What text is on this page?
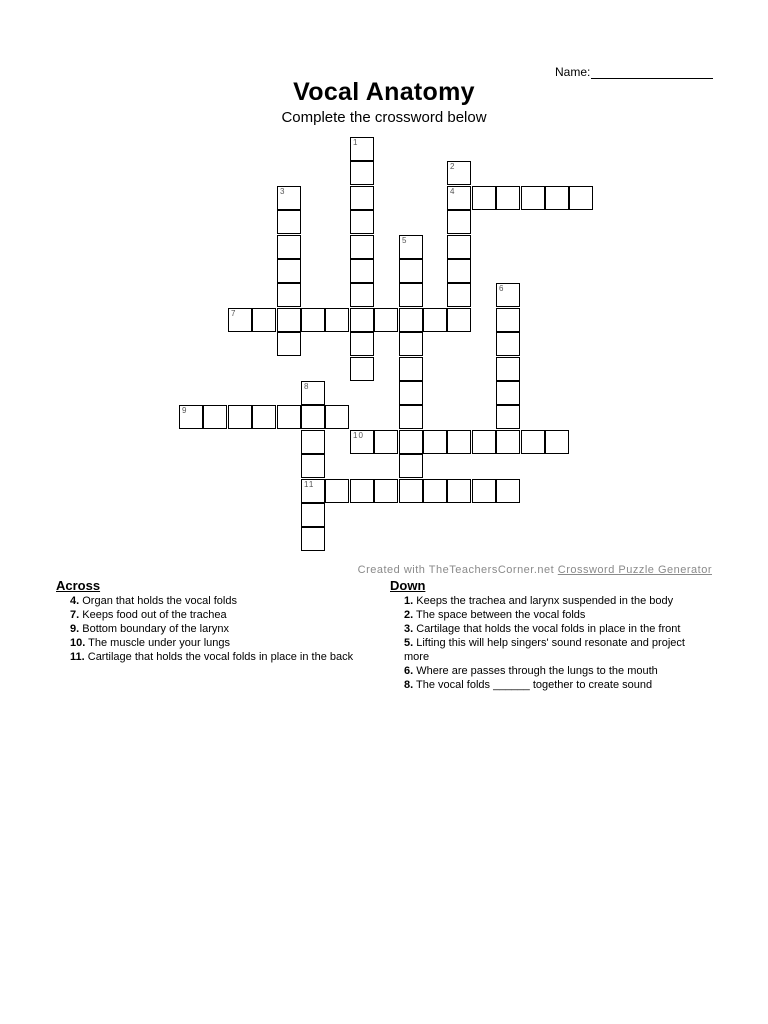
Name:
Vocal Anatomy
Complete the crossword below
4
7
9
10
11
1
2
3
5
6
8
Created with TheTeachersCorner.net Crossword Puzzle Generator
Across
4. Organ that holds the vocal folds
7. Keeps food out of the trachea
9. Bottom boundary of the larynx
10. The muscle under your lungs
11. Cartilage that holds the vocal folds in place in the back
Down
1. Keeps the trachea and larynx suspended in the body
2. The space between the vocal folds
3. Cartilage that holds the vocal folds in place in the front
5. Lifting this will help singers' sound resonate and project more
6. Where are passes through the lungs to the mouth
8. The vocal folds ______ together to create sound
